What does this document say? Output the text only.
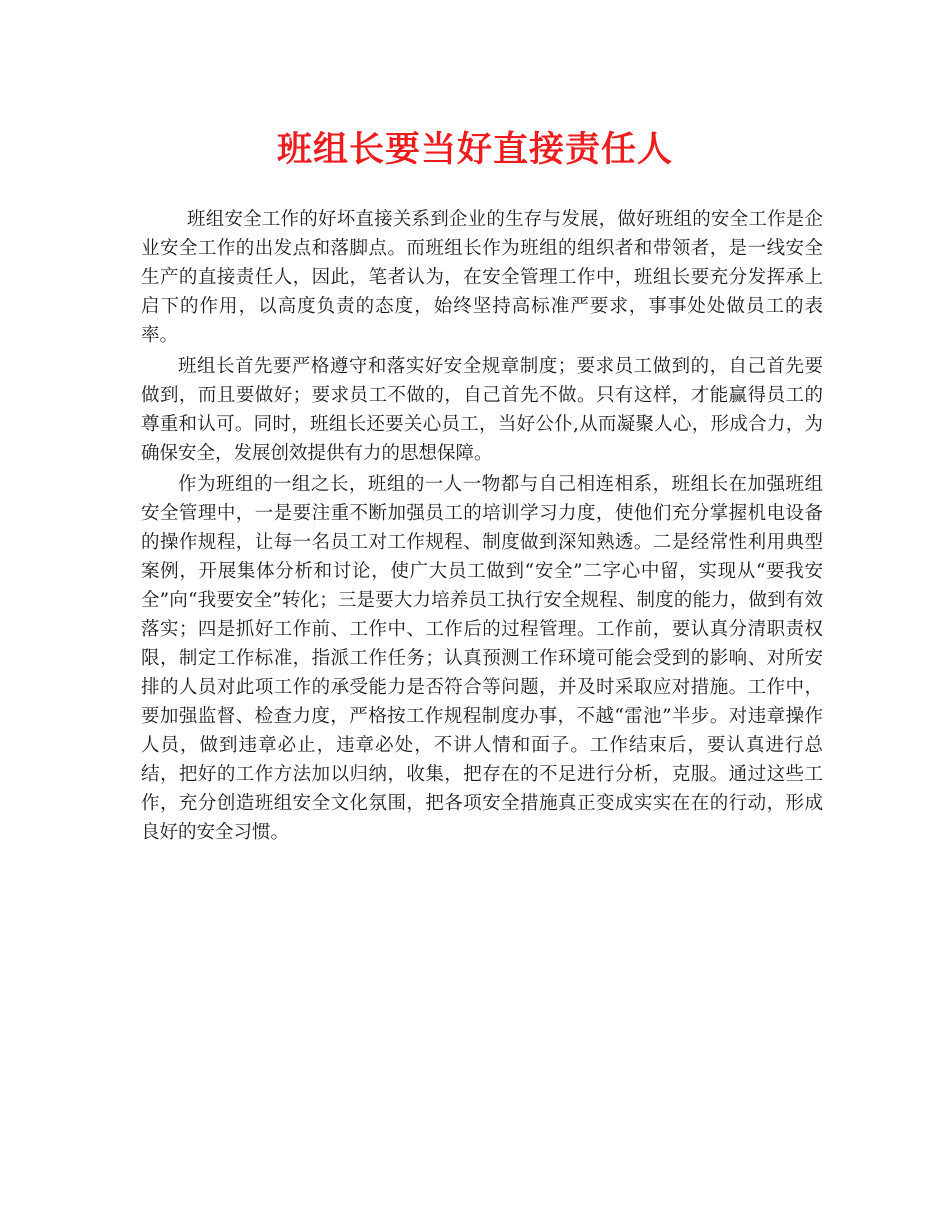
班组长要当好直接责任人

班组安全工作的好坏直接关系到企业的生存与发展，做好班组的安全工作是企业安全工作的出发点和落脚点。而班组长作为班组的组织者和带领者，是一线安全生产的直接责任人，因此，笔者认为，在安全管理工作中，班组长要充分发挥承上启下的作用，以高度负责的态度，始终坚持高标准严要求，事事处处做员工的表率。

班组长首先要严格遵守和落实好安全规章制度；要求员工做到的，自己首先要做到，而且要做好；要求员工不做的，自己首先不做。只有这样，才能赢得员工的尊重和认可。同时，班组长还要关心员工，当好公仆,从而凝聚人心，形成合力，为确保安全，发展创效提供有力的思想保障。

作为班组的一组之长，班组的一人一物都与自己相连相系，班组长在加强班组安全管理中，一是要注重不断加强员工的培训学习力度，使他们充分掌握机电设备的操作规程，让每一名员工对工作规程、制度做到深知熟透。二是经常性利用典型案例，开展集体分析和讨论，使广大员工做到“安全”二字心中留，实现从“要我安全”向“我要安全”转化；三是要大力培养员工执行安全规程、制度的能力，做到有效落实；四是抓好工作前、工作中、工作后的过程管理。工作前，要认真分清职责权限，制定工作标准，指派工作任务；认真预测工作环境可能会受到的影响、对所安排的人员对此项工作的承受能力是否符合等问题，并及时采取应对措施。工作中，要加强监督、检查力度，严格按工作规程制度办事，不越“雷池”半步。对违章操作人员，做到违章必止，违章必处，不讲人情和面子。工作结束后，要认真进行总结，把好的工作方法加以归纳，收集，把存在的不足进行分析，克服。通过这些工作，充分创造班组安全文化氛围，把各项安全措施真正变成实实在在的行动，形成良好的安全习惯。
